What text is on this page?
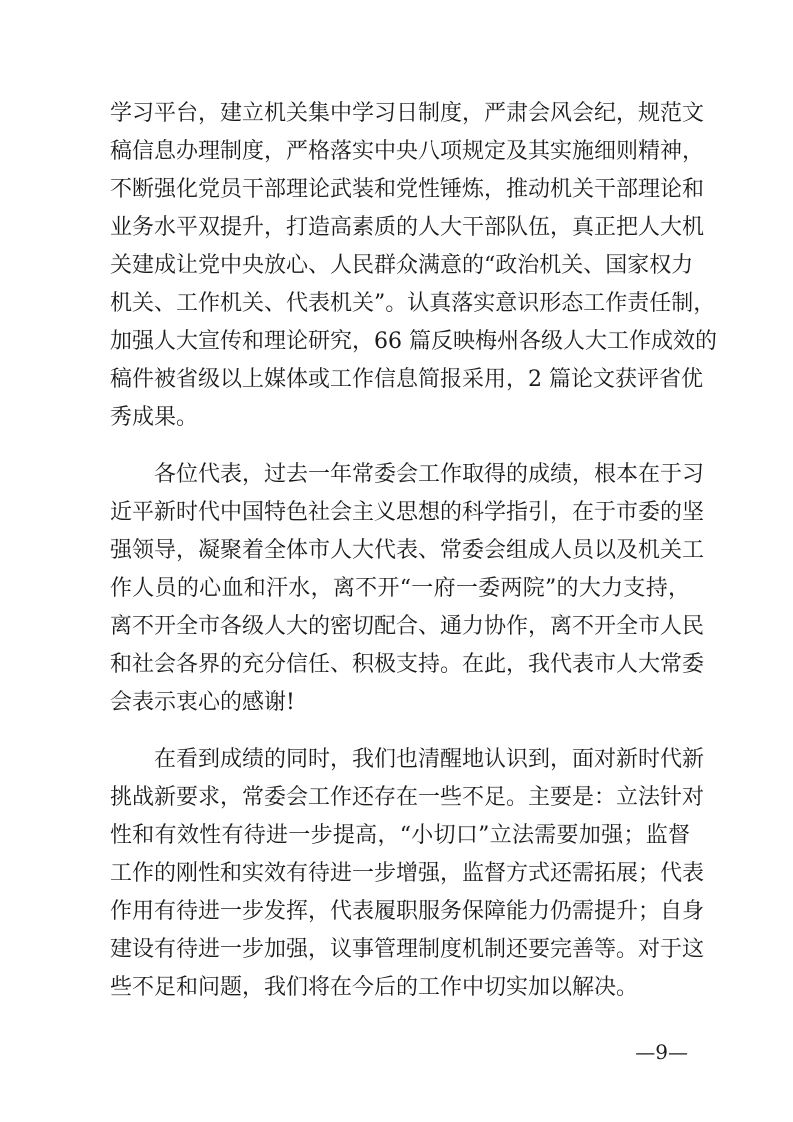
学习平台，建立机关集中学习日制度，严肃会风会纪，规范文
稿信息办理制度，严格落实中央八项规定及其实施细则精神，
不断强化党员干部理论武装和党性锤炼，推动机关干部理论和
业务水平双提升，打造高素质的人大干部队伍，真正把人大机
关建成让党中央放心、人民群众满意的“政治机关、国家权力
机关、工作机关、代表机关”。认真落实意识形态工作责任制，
加强人大宣传和理论研究，66 篇反映梅州各级人大工作成效的
稿件被省级以上媒体或工作信息简报采用，2 篇论文获评省优
秀成果。
　　各位代表，过去一年常委会工作取得的成绩，根本在于习
近平新时代中国特色社会主义思想的科学指引，在于市委的坚
强领导，凝聚着全体市人大代表、常委会组成人员以及机关工
作人员的心血和汗水，离不开“一府一委两院”的大力支持，
离不开全市各级人大的密切配合、通力协作，离不开全市人民
和社会各界的充分信任、积极支持。在此，我代表市人大常委
会表示衷心的感谢!
　　在看到成绩的同时，我们也清醒地认识到，面对新时代新
挑战新要求，常委会工作还存在一些不足。主要是：立法针对
性和有效性有待进一步提高，“小切口”立法需要加强；监督
工作的刚性和实效有待进一步增强，监督方式还需拓展；代表
作用有待进一步发挥，代表履职服务保障能力仍需提升；自身
建设有待进一步加强，议事管理制度机制还要完善等。对于这
些不足和问题，我们将在今后的工作中切实加以解决。
—9—
